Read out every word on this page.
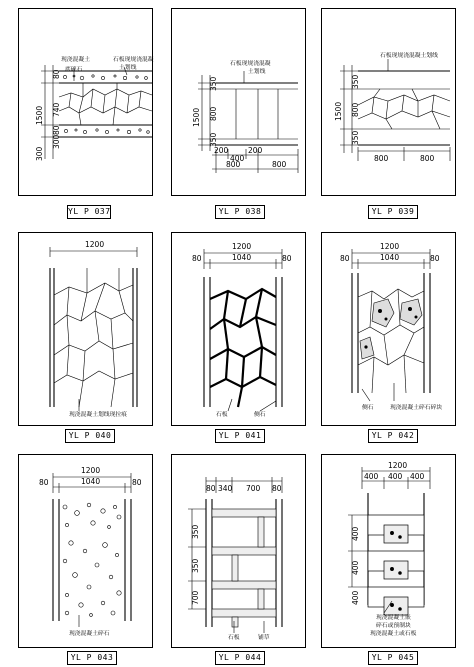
80
1500 740
80
300
300
现浇混凝土	石板现规浇混凝
底碎石	土划线
YL P 037
350
1500 800
350
200
400
200
800	800
石板现规浇混凝
土划线
YL P 038
350
1500 800
350
800	800
石板现规浇混凝土划线
YL P 039
1200
现浇混凝土划线现拉痕
YL P 040
1200
80	1040	80
石板	侧石
YL P 041
1200
80	1040	80
侧石	现浇混凝土碎石碎块
YL P 042
1200
80	1040	80
现浇混凝土碎石
YL P 043
80 340 700 80
350
350
700
石板	铺草
YL P 044
1200
400 400 400
400
400
400
现浇混凝土嵌
碎石或预制块
现浇混凝土或石板
YL P 045
